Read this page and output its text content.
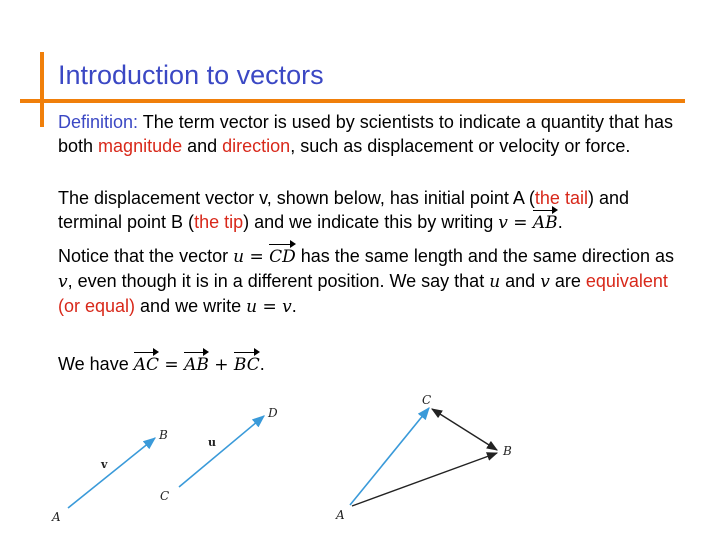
Introduction to vectors

Definition: The term vector is used by scientists to indicate a quantity that has both magnitude and direction, such as displacement or velocity or force.

The displacement vector v, shown below, has initial point A (the tail) and terminal point B (the tip) and we indicate this by writing v = AB.

Notice that the vector u = CD has the same length and the same direction as v, even though it is in a different position. We say that u and v are equivalent (or equal) and we write u = v.

We have AC = AB + BC.

A
B
v
C
D
u
A
B
C
